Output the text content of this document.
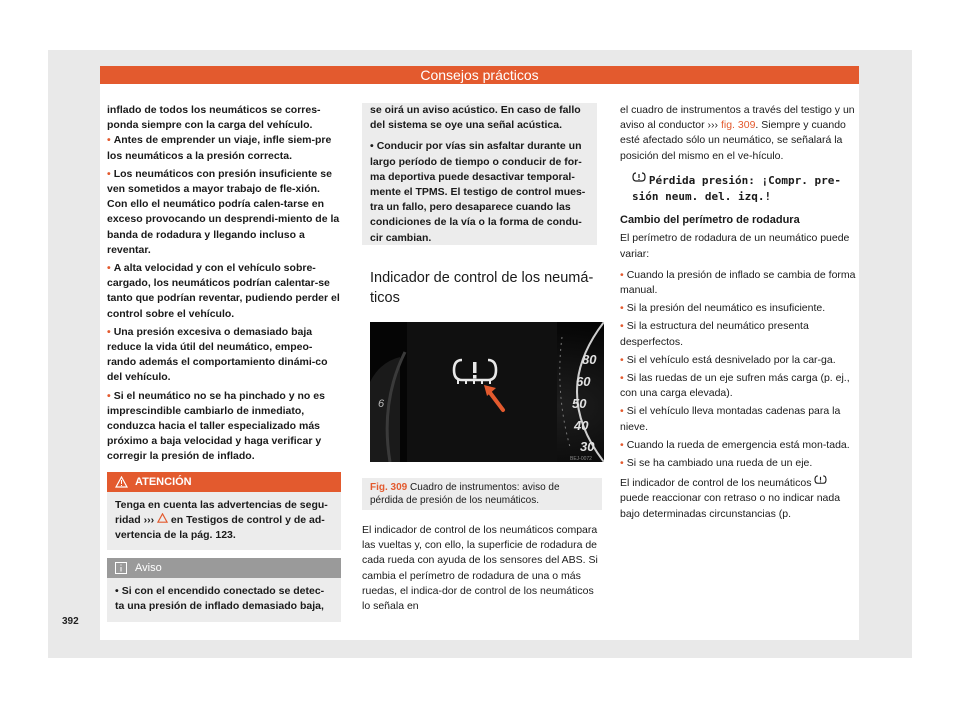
Consejos prácticos

inflado de todos los neumáticos se corres-ponda siempre con la carga del vehículo.

• Antes de emprender un viaje, infle siem-pre los neumáticos a la presión correcta.

• Los neumáticos con presión insuficiente se ven sometidos a mayor trabajo de fle-xión. Con ello el neumático podría calen-tarse en exceso provocando un desprendi-miento de la banda de rodadura y llegando incluso a reventar.

• A alta velocidad y con el vehículo sobre-cargado, los neumáticos podrían calentar-se tanto que podrían reventar, pudiendo perder el control sobre el vehículo.

• Una presión excesiva o demasiado baja reduce la vida útil del neumático, empeo-rando además el comportamiento dinámi-co del vehículo.

• Si el neumático no se ha pinchado y no es imprescindible cambiarlo de inmediato, conduzca hacia el taller especializado más próximo a baja velocidad y haga verificar y corregir la presión de inflado.

ATENCIÓN
Tenga en cuenta las advertencias de segu-ridad ››› en Testigos de control y de ad-vertencia de la pág. 123.
Aviso
• Si con el encendido conectado se detec-ta una presión de inflado demasiado baja,

se oirá un aviso acústico. En caso de fallo del sistema se oye una señal acústica.

• Conducir por vías sin asfaltar durante un largo período de tiempo o conducir de for-ma deportiva puede desactivar temporal-mente el TPMS. El testigo de control mues-tra un fallo, pero desaparece cuando las condiciones de la vía o la forma de condu-cir cambian.

Indicador de control de los neumá-ticos
6
80
60
50
40
30
BEJ-0072
Fig. 309 Cuadro de instrumentos: aviso de pérdida de presión de los neumáticos.

El indicador de control de los neumáticos compara las vueltas y, con ello, la superficie de rodadura de cada rueda con ayuda de los sensores del ABS. Si cambia el perímetro de rodadura de una o más ruedas, el indica-dor de control de los neumáticos lo señala en

el cuadro de instrumentos a través del testigo y un aviso al conductor ››› fig. 309. Siempre y cuando esté afectado sólo un neumático, se señalará la posición del mismo en el ve-hículo.

Pérdida presión: ¡Compr. pre-sión neum. del. izq.!

Cambio del perímetro de rodadura

El perímetro de rodadura de un neumático puede variar:

• Cuando la presión de inflado se cambia de forma manual.

• Si la presión del neumático es insuficiente.

• Si la estructura del neumático presenta desperfectos.

• Si el vehículo está desnivelado por la car-ga.

• Si las ruedas de un eje sufren más carga (p. ej., con una carga elevada).

• Si el vehículo lleva montadas cadenas para la nieve.

• Cuando la rueda de emergencia está mon-tada.

• Si se ha cambiado una rueda de un eje.

El indicador de control de los neumáticos  puede reaccionar con retraso o no indicar nada bajo determinadas circunstancias (p.

392
